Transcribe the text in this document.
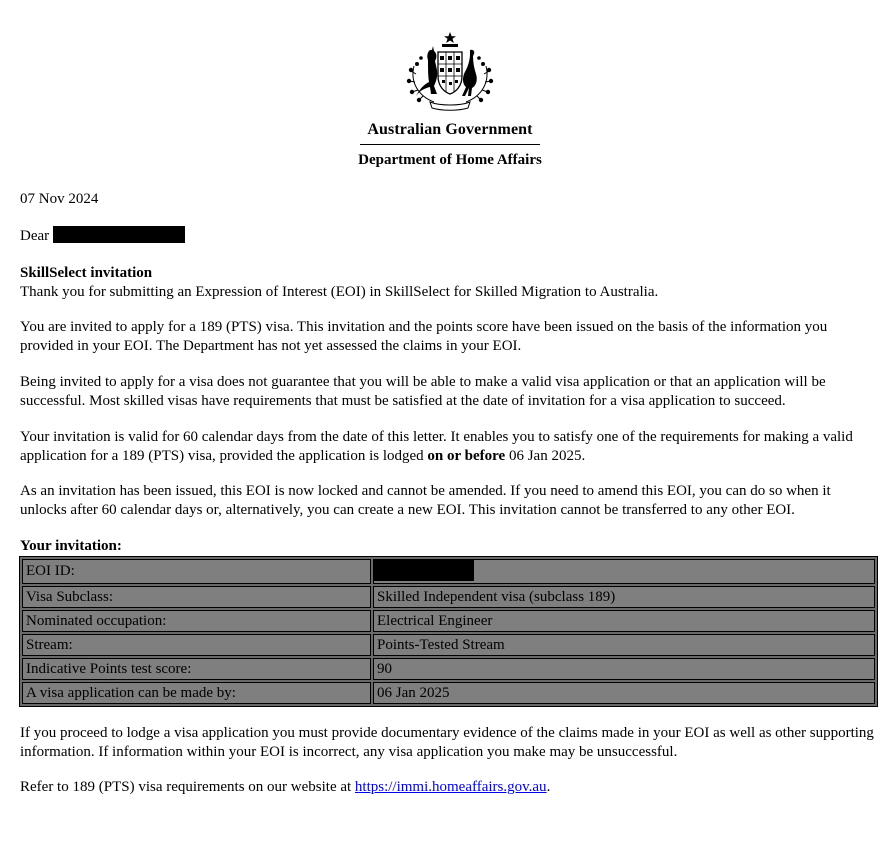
Australian Government
Department of Home Affairs

07 Nov 2024

Dear

SkillSelect invitation

Thank you for submitting an Expression of Interest (EOI) in SkillSelect for Skilled Migration to Australia.

You are invited to apply for a 189 (PTS) visa. This invitation and the points score have been issued on the basis of the information you provided in your EOI. The Department has not yet assessed the claims in your EOI.

Being invited to apply for a visa does not guarantee that you will be able to make a valid visa application or that an application will be successful. Most skilled visas have requirements that must be satisfied at the date of invitation for a visa application to succeed.

Your invitation is valid for 60 calendar days from the date of this letter. It enables you to satisfy one of the requirements for making a valid application for a 189 (PTS) visa, provided the application is lodged on or before 06 Jan 2025.

As an invitation has been issued, this EOI is now locked and cannot be amended. If you need to amend this EOI, you can do so when it unlocks after 60 calendar days or, alternatively, you can create a new EOI. This invitation cannot be transferred to any other EOI.

Your invitation:

EOI ID:	
Visa Subclass:	Skilled Independent visa (subclass 189)
Nominated occupation:	Electrical Engineer
Stream:	Points-Tested Stream
Indicative Points test score:	90
A visa application can be made by:	06 Jan 2025

If you proceed to lodge a visa application you must provide documentary evidence of the claims made in your EOI as well as other supporting information. If information within your EOI is incorrect, any visa application you make may be unsuccessful.

Refer to 189 (PTS) visa requirements on our website at https://immi.homeaffairs.gov.au.
